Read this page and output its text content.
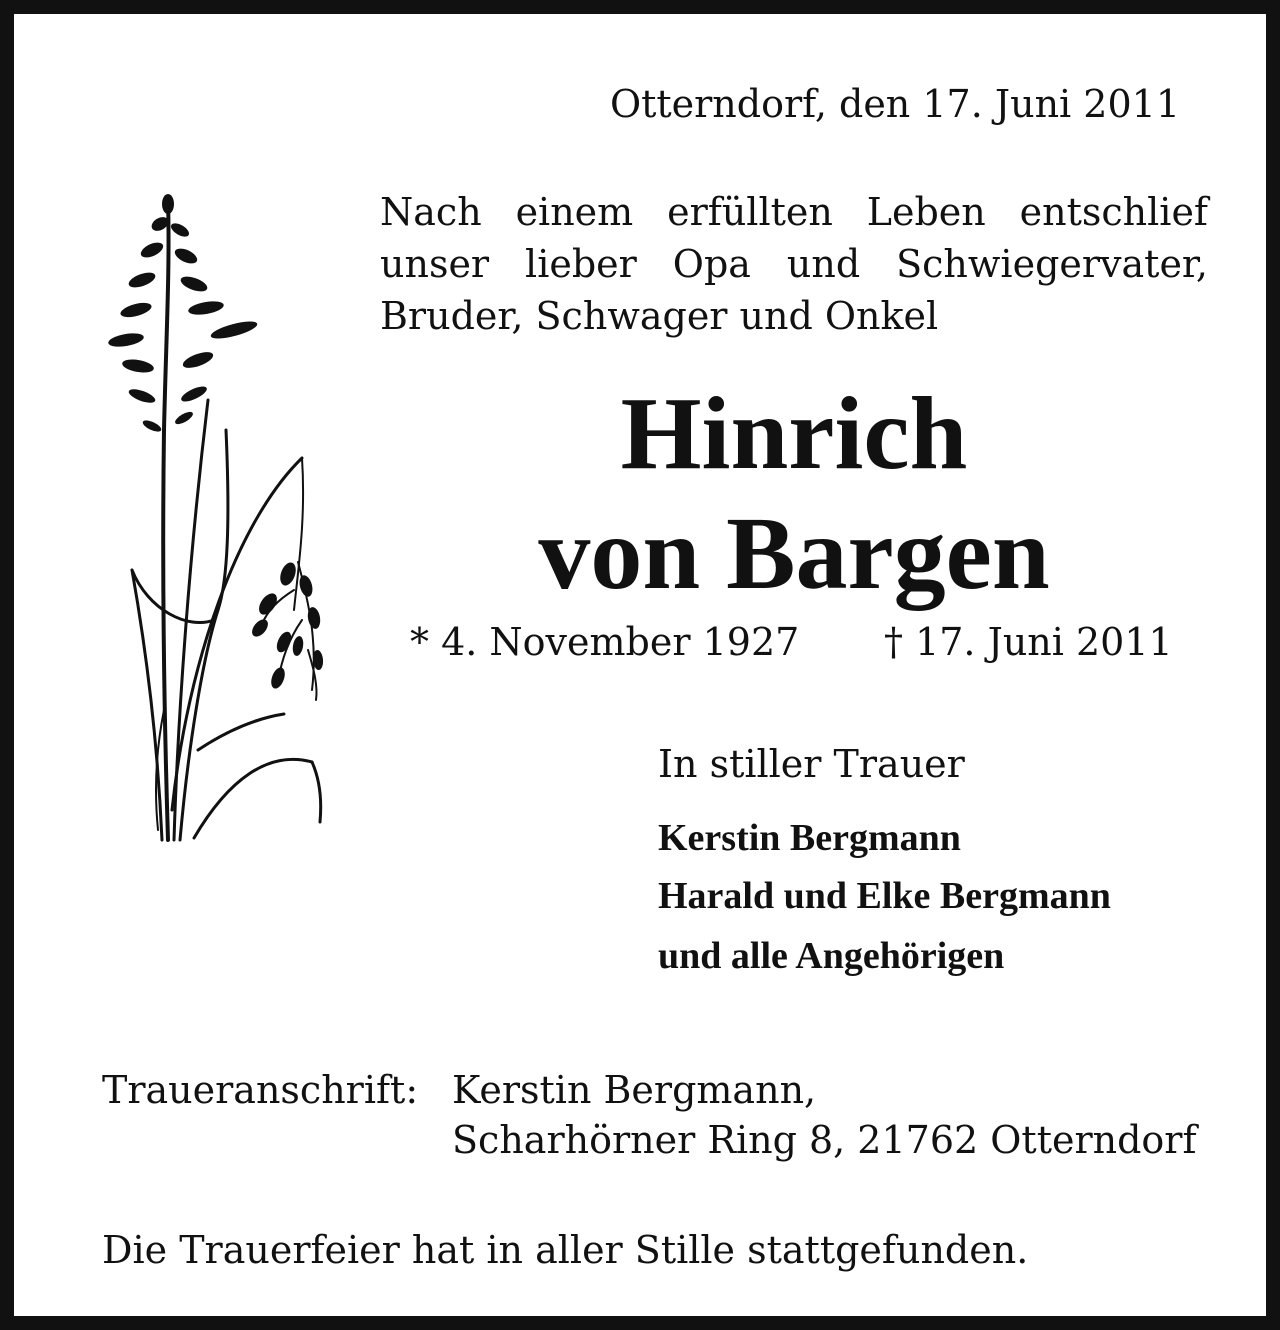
Otterndorf, den 17. Juni 2011
Nach einem erfüllten Leben entschlief
unser lieber Opa und Schwiegervater,
Bruder, Schwager und Onkel
Hinrich
von Bargen
* 4. November 1927 † 17. Juni 2011
In stiller Trauer
Kerstin Bergmann
Harald und Elke Bergmann
und alle Angehörigen
Traueranschrift: Kerstin Bergmann,
Scharhörner Ring 8, 21762 Otterndorf
Die Trauerfeier hat in aller Stille stattgefunden.
